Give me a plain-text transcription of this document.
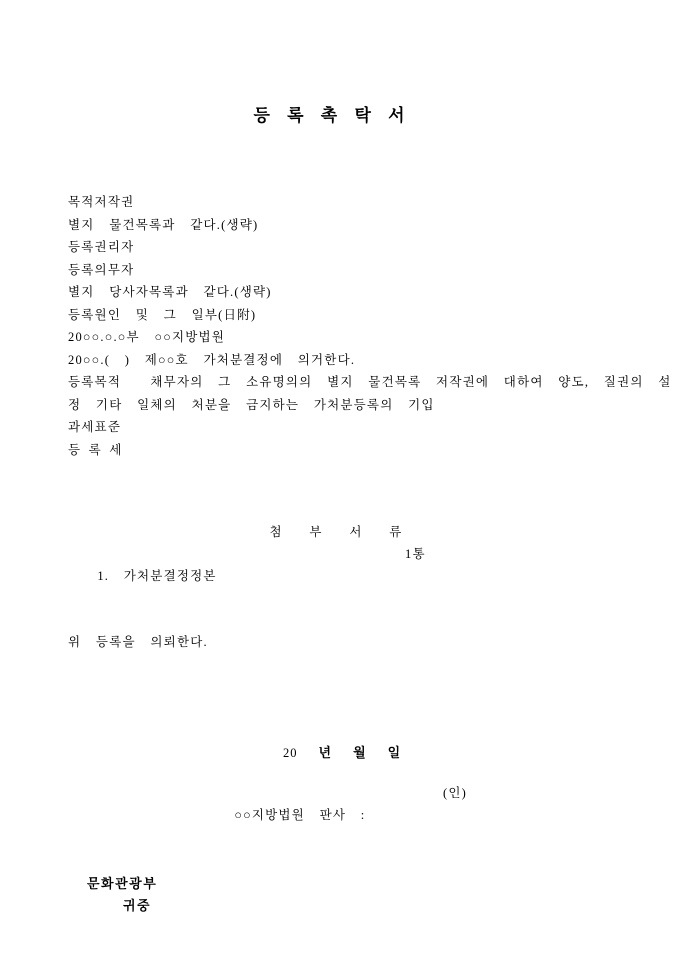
등 록 촉 탁 서
목적저작권
별지  물건목록과  같다.(생략)
등록권리자
등록의무자
별지  당사자목록과  같다.(생략)
등록원인  및  그  일부(日附)
20○○.○.○부  ○○지방법원
20○○.(  )  제○○호  가처분결정에  의거한다.
등록목적    채무자의  그  소유명의의  별지  물건목록  저작권에  대하여  양도,  질권의  설
정  기타  일체의  처분을  금지하는  가처분등록의  기입
과세표준
등 록 세
첨  부  서  류

1.  가처분결정정본

1통

위  등록을  의뢰한다.
20 년 월 일

○○지방법원  판사  :

(인)

문화관광부
귀중
